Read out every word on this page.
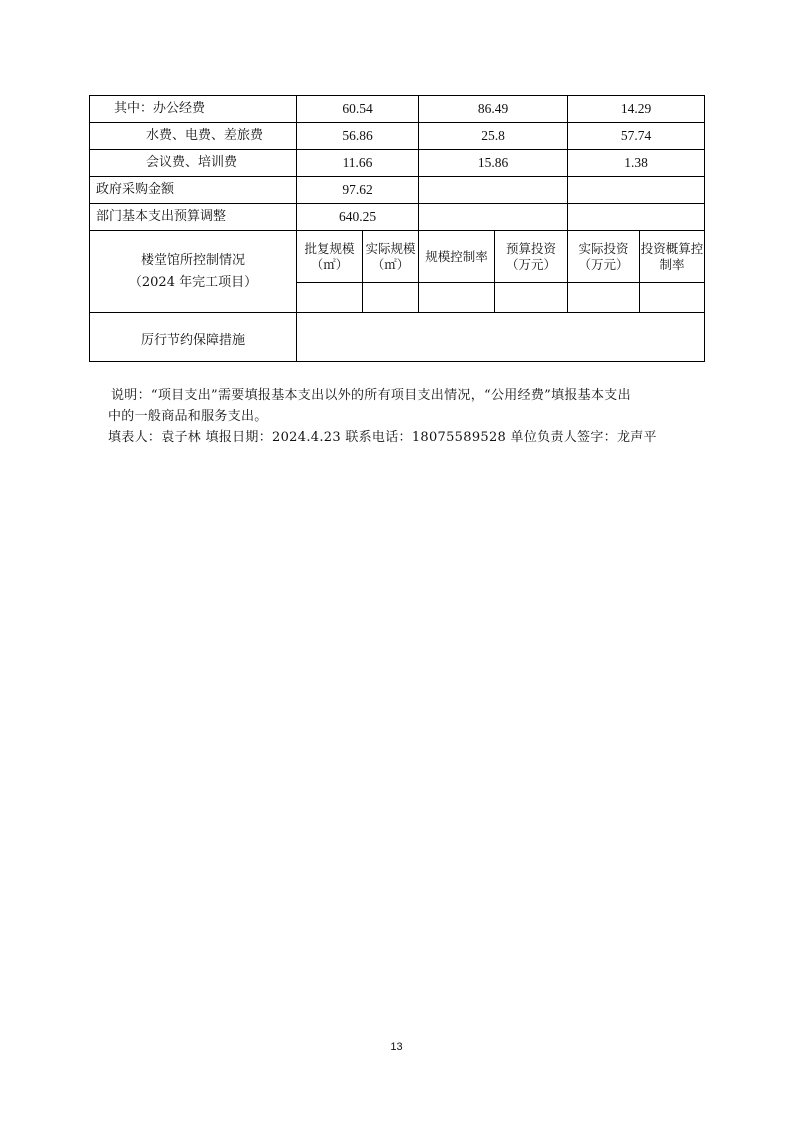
其中：办公经费	60.54		86.49		14.29	
水费、电费、差旅费	56.86		25.8		57.74	
会议费、培训费	11.66		15.86		1.38	
政府采购金额	97.62					
部门基本支出预算调整	640.25					

楼堂馆所控制情况
（2024 年完工项目）	批复规模（㎡）	实际规模（㎡）	规模控制率	预算投资（万元）	实际投资（万元）	投资概算控制率

厉行节约保障措施						

说明：“项目支出”需要填报基本支出以外的所有项目支出情况，“公用经费”填报基本支出

中的一般商品和服务支出。

填表人：袁子林 填报日期：2024.4.23 联系电话：18075589528 单位负责人签字：龙声平

13
